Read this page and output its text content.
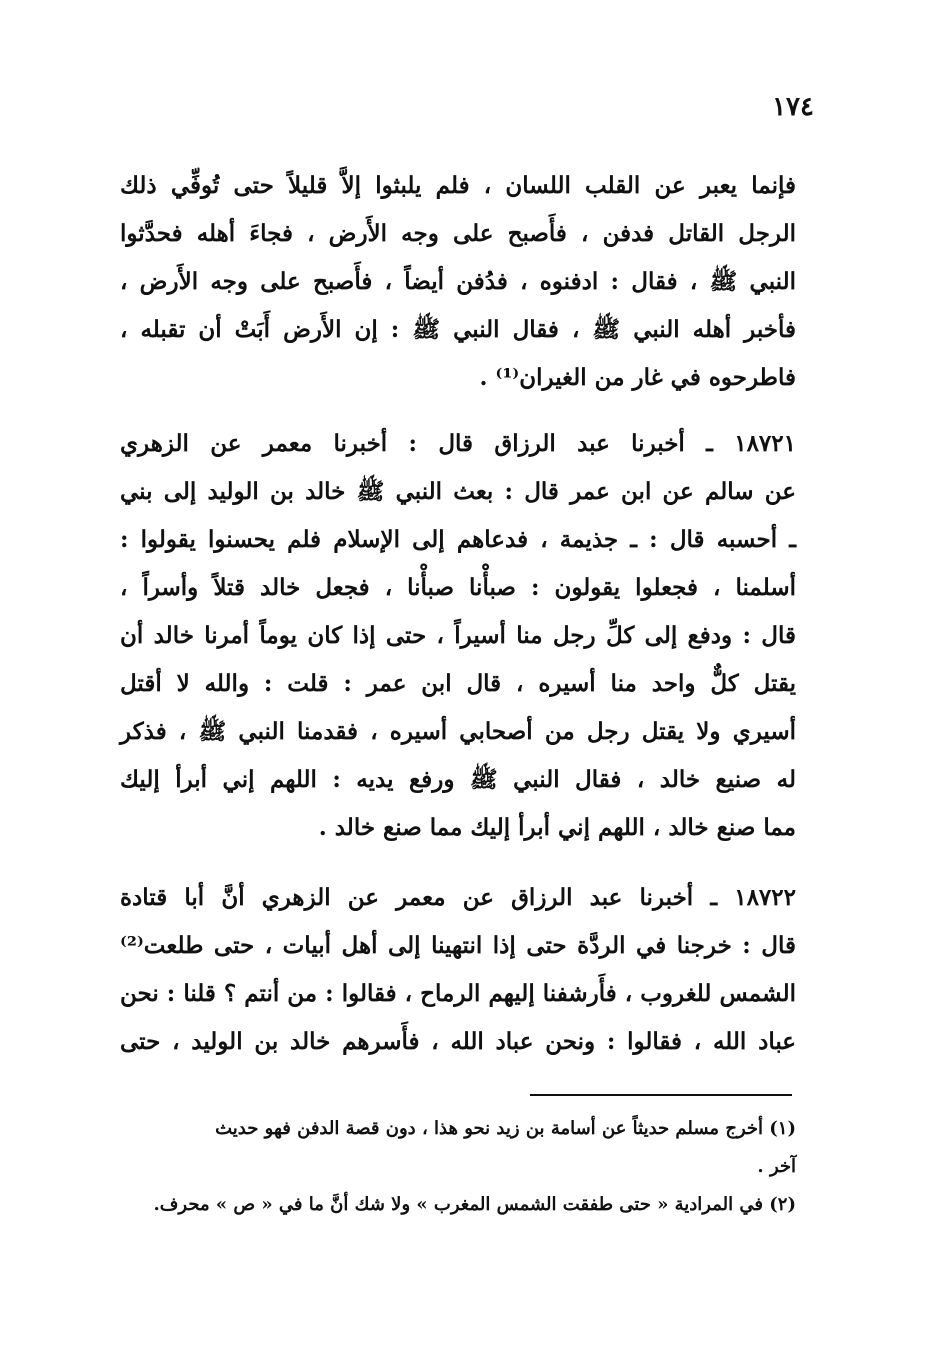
١٧٤
فإنما يعبر عن القلب اللسان ، فلم يلبثوا إلاَّ قليلاً حتى تُوفِّي ذلك
الرجل القاتل فدفن ، فأَصبح على وجه الأَرض ، فجاءَ أهله فحدَّثوا
النبي ﷺ ، فقال : ادفنوه ، فدُفن أيضاً ، فأَصبح على وجه الأَرض ،
فأخبر أهله النبي ﷺ ، فقال النبي ﷺ : إن الأَرض أَبَتْ أن تقبله ،
فاطرحوه في غار من الغيران⁽¹⁾ .
١٨٧٢١ ـ أخبرنا عبد الرزاق قال : أخبرنا معمر عن الزهري
عن سالم عن ابن عمر قال : بعث النبي ﷺ خالد بن الوليد إلى بني
ـ أحسبه قال : ـ جذيمة ، فدعاهم إلى الإسلام فلم يحسنوا يقولوا :
أسلمنا ، فجعلوا يقولون : صبأْنا صبأْنا ، فجعل خالد قتلاً وأسراً ،
قال : ودفع إلى كلِّ رجل منا أسيراً ، حتى إذا كان يوماً أمرنا خالد أن
يقتل كلٌّ واحد منا أسيره ، قال ابن عمر : قلت : والله لا أقتل
أسيري ولا يقتل رجل من أصحابي أسيره ، فقدمنا النبي ﷺ ، فذكر
له صنيع خالد ، فقال النبي ﷺ ورفع يديه : اللهم إني أبرأ إليك
مما صنع خالد ، اللهم إني أبرأ إليك مما صنع خالد .
١٨٧٢٢ ـ أخبرنا عبد الرزاق عن معمر عن الزهري أنَّ أبا قتادة
قال : خرجنا في الردَّة حتى إذا انتهينا إلى أهل أبيات ، حتى طلعت⁽²⁾
الشمس للغروب ، فأَرشفنا إليهم الرماح ، فقالوا : من أنتم ؟ قلنا : نحن
عباد الله ، فقالوا : ونحن عباد الله ، فأَسرهم خالد بن الوليد ، حتى
(١) أخرج مسلم حديثاً عن أسامة بن زيد نحو هذا ، دون قصة الدفن فهو حديث
آخر .
(٢) في المرادية « حتى طفقت الشمس المغرب » ولا شك أنَّ ما في « ص » محرف.
